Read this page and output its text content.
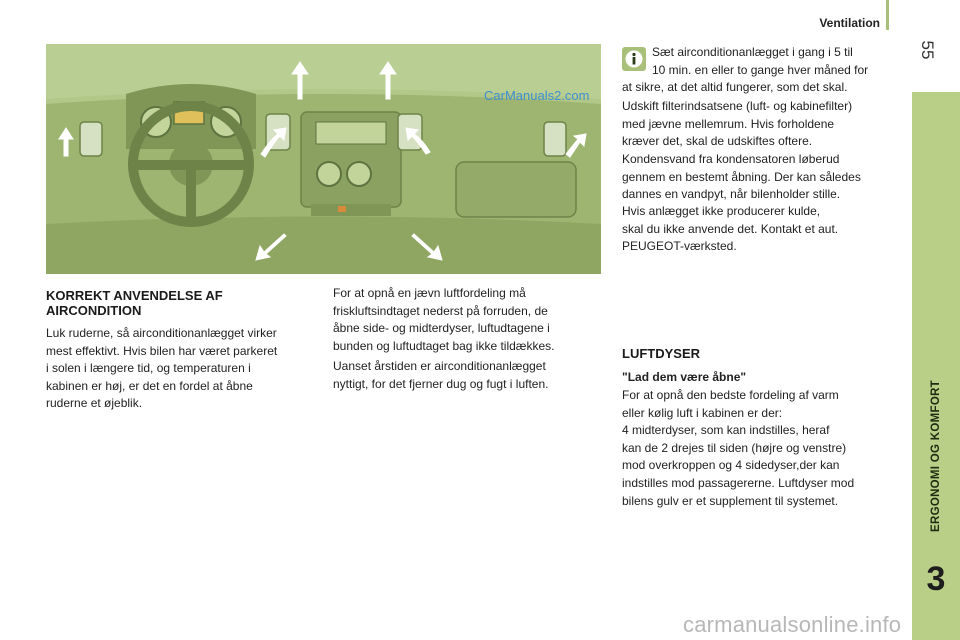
Ventilation
55
ERGONOMI OG KOMFORT
3
CarManuals2.com
KORREKT ANVENDELSE AF
AIRCONDITION
Luk ruderne, så airconditionanlægget virker
mest effektivt. Hvis bilen har været parkeret
i solen i længere tid, og temperaturen i
kabinen er høj, er det en fordel at åbne
ruderne et øjeblik.
For at opnå en jævn luftfordeling må
friskluftsindtaget nederst på forruden, de
åbne side- og midterdyser, luftudtagene i
bunden og luftudtaget bag ikke tildækkes.
Uanset årstiden er airconditionanlægget
nyttigt, for det fjerner dug og fugt i luften.
Sæt airconditionanlægget i gang i 5 til
10 min. en eller to gange hver måned for
at sikre, at det altid fungerer, som det skal.
Udskift filterindsatsene (luft- og kabinefilter)
med jævne mellemrum. Hvis forholdene
kræver det, skal de udskiftes oftere.
Kondensvand fra kondensatoren løberud
gennem en bestemt åbning. Der kan således
dannes en vandpyt, når bilenholder stille.
Hvis anlægget ikke producerer kulde,
skal du ikke anvende det. Kontakt et aut.
PEUGEOT-værksted.
LUFTDYSER
"Lad dem være åbne"
For at opnå den bedste fordeling af varm
eller kølig luft i kabinen er der:
4 midterdyser, som kan indstilles, heraf
kan de 2 drejes til siden (højre og venstre)
mod overkroppen og 4 sidedyser,der kan
indstilles mod passagererne. Luftdyser mod
bilens gulv er et supplement til systemet.
carmanualsonline.info
